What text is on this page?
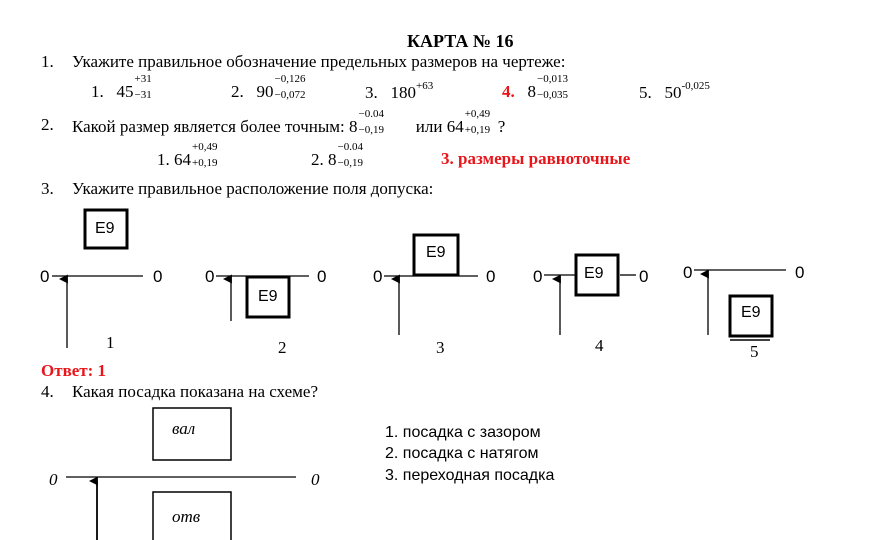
КАРТА № 16
1. Укажите правильное обозначение предельных размеров на чертеже:
1. 45
+31
−31	2. 90
−0,126
−0,072	3. $180^{+63}$	4. 8
−0,013
−0,035	5. $50^{-0,025}$
2. Какой размер является более точным: 8
−0.04
−0,19 или 64
+0,49
+0,19 ?
1. 64
+0,49
+0,19	2. 8
−0.04
−0,19	3. размеры равноточные
3. Укажите правильное расположение поля допуска:
E9
E9
E9
E9
E9
0	0	0	0	0	0 0	0 0	0
1	2	3	4	5
Ответ: 1
4. Какая посадка показана на схеме?
вал
отв
0	0
1. посадка с зазором
2. посадка с натягом
3. переходная посадка
